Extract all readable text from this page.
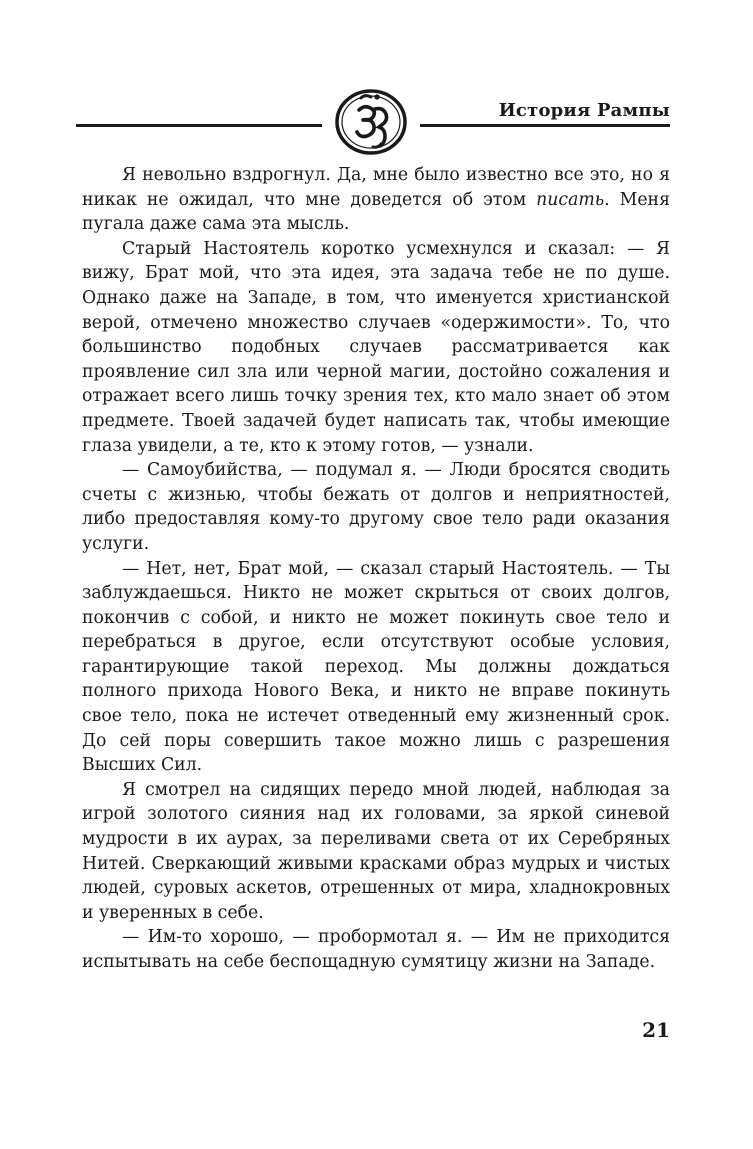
История Рампы

Я невольно вздрогнул. Да, мне было известно все это, но я никак не ожидал, что мне доведется об этом писать. Меня пугала даже сама эта мысль.

Старый Настоятель коротко усмехнулся и сказал: — Я вижу, Брат мой, что эта идея, эта задача тебе не по душе. Однако даже на Западе, в том, что именуется христианской верой, отмечено множество случаев «одержимости». То, что большинство подобных случаев рассматривается как проявление сил зла или черной магии, достойно сожаления и отражает всего лишь точку зрения тех, кто мало знает об этом предмете. Твоей задачей будет написать так, чтобы имеющие глаза увидели, а те, кто к этому готов, — узнали.

— Самоубийства, — подумал я. — Люди бросятся сводить счеты с жизнью, чтобы бежать от долгов и неприятностей, либо предоставляя кому-то другому свое тело ради оказания услуги.

— Нет, нет, Брат мой, — сказал старый Настоятель. — Ты заблуждаешься. Никто не может скрыться от своих долгов, покончив с собой, и никто не может покинуть свое тело и перебраться в другое, если отсутствуют особые условия, гарантирующие такой переход. Мы должны дождаться полного прихода Нового Века, и никто не вправе покинуть свое тело, пока не истечет отведенный ему жизненный срок. До сей поры совершить такое можно лишь с разрешения Высших Сил.

Я смотрел на сидящих передо мной людей, наблюдая за игрой золотого сияния над их головами, за яркой синевой мудрости в их аурах, за переливами света от их Серебряных Нитей. Сверкающий живыми красками образ мудрых и чистых людей, суровых аскетов, отрешенных от мира, хладнокровных и уверенных в себе.

— Им-то хорошо, — пробормотал я. — Им не приходится испытывать на себе беспощадную сумятицу жизни на Западе.

21
